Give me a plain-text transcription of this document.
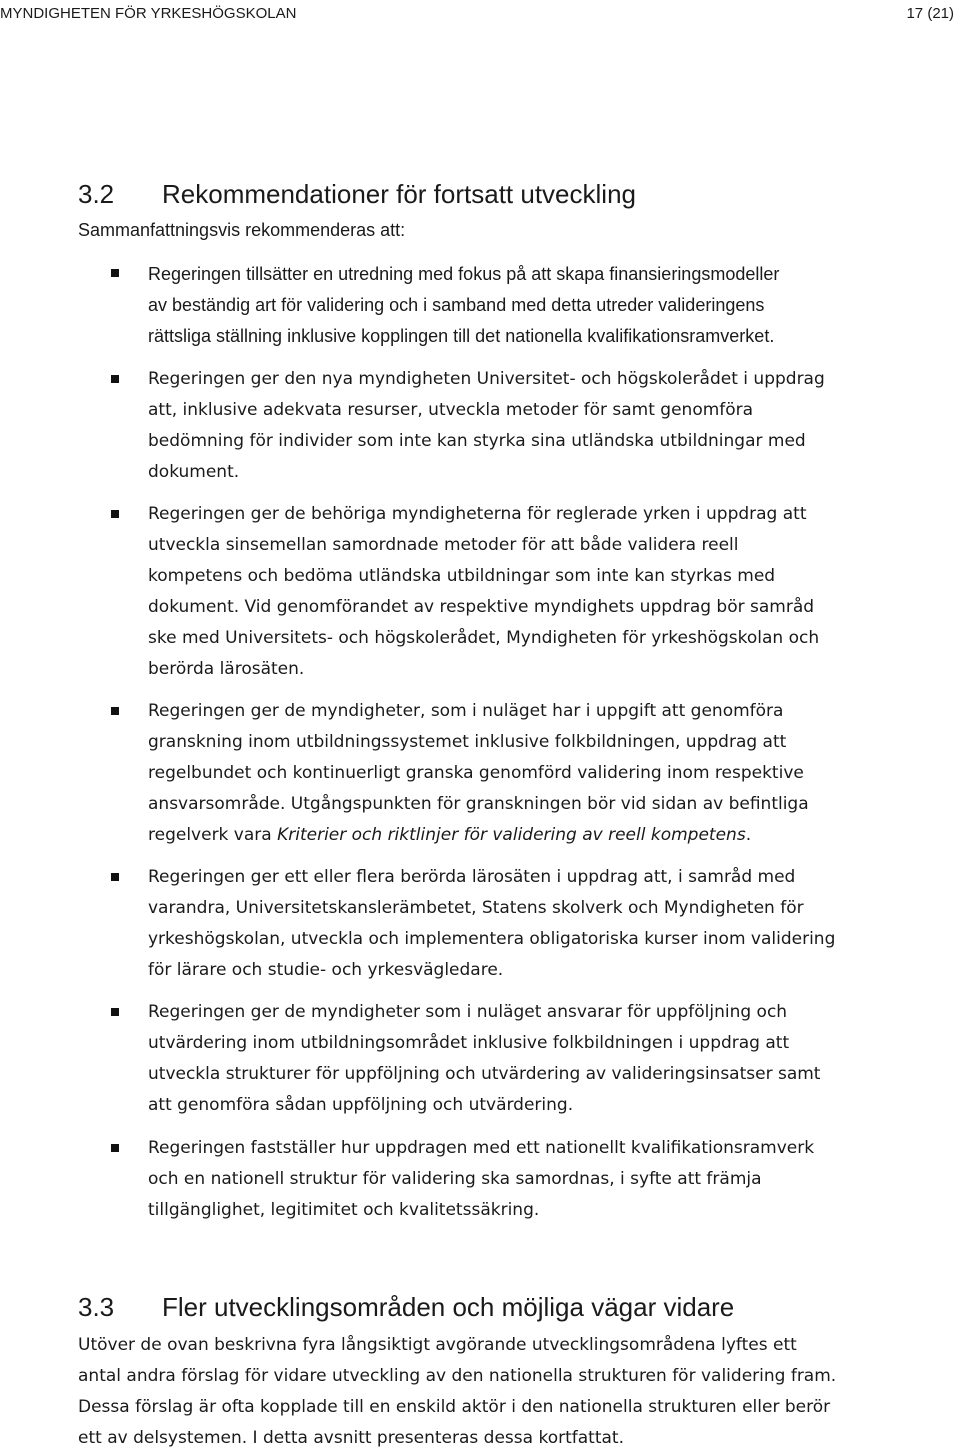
MYNDIGHETEN FÖR YRKESHÖGSKOLAN	17 (21)
3.2 Rekommendationer för fortsatt utveckling
Sammanfattningsvis rekommenderas att:
Regeringen tillsätter en utredning med fokus på att skapa finansieringsmodeller
av beständig art för validering och i samband med detta utreder valideringens
rättsliga ställning inklusive kopplingen till det nationella kvalifikationsramverket.
Regeringen ger den nya myndigheten Universitet- och högskolerådet i uppdrag
att, inklusive adekvata resurser, utveckla metoder för samt genomföra
bedömning för individer som inte kan styrka sina utländska utbildningar med
dokument.
Regeringen ger de behöriga myndigheterna för reglerade yrken i uppdrag att
utveckla sinsemellan samordnade metoder för att både validera reell
kompetens och bedöma utländska utbildningar som inte kan styrkas med
dokument. Vid genomförandet av respektive myndighets uppdrag bör samråd
ske med Universitets- och högskolerådet, Myndigheten för yrkeshögskolan och
berörda lärosäten.
Regeringen ger de myndigheter, som i nuläget har i uppgift att genomföra
granskning inom utbildningssystemet inklusive folkbildningen, uppdrag att
regelbundet och kontinuerligt granska genomförd validering inom respektive
ansvarsområde. Utgångspunkten för granskningen bör vid sidan av befintliga
regelverk vara Kriterier och riktlinjer för validering av reell kompetens.
Regeringen ger ett eller flera berörda lärosäten i uppdrag att, i samråd med
varandra, Universitetskanslerämbetet, Statens skolverk och Myndigheten för
yrkeshögskolan, utveckla och implementera obligatoriska kurser inom validering
för lärare och studie- och yrkesvägledare.
Regeringen ger de myndigheter som i nuläget ansvarar för uppföljning och
utvärdering inom utbildningsområdet inklusive folkbildningen i uppdrag att
utveckla strukturer för uppföljning och utvärdering av valideringsinsatser samt
att genomföra sådan uppföljning och utvärdering.
Regeringen fastställer hur uppdragen med ett nationellt kvalifikationsramverk
och en nationell struktur för validering ska samordnas, i syfte att främja
tillgänglighet, legitimitet och kvalitetssäkring.
3.3 Fler utvecklingsområden och möjliga vägar vidare
Utöver de ovan beskrivna fyra långsiktigt avgörande utvecklingsområdena lyftes ett
antal andra förslag för vidare utveckling av den nationella strukturen för validering fram.
Dessa förslag är ofta kopplade till en enskild aktör i den nationella strukturen eller berör
ett av delsystemen. I detta avsnitt presenteras dessa kortfattat.
